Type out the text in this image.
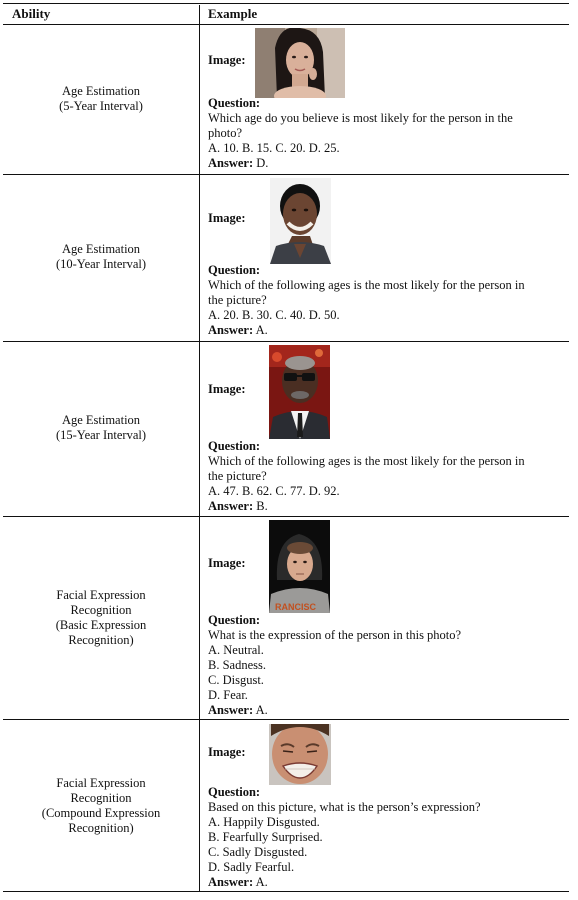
Ability	Example
Age Estimation
(5-Year Interval)
Image:
Question:
Which age do you believe is most likely for the person in the
photo?
A. 10. B. 15. C. 20. D. 25.
Answer: D.
Age Estimation
(10-Year Interval)
Image:
Question:
Which of the following ages is the most likely for the person in
the picture?
A. 20. B. 30. C. 40. D. 50.
Answer: A.
Age Estimation
(15-Year Interval)
Image:
Question:
Which of the following ages is the most likely for the person in
the picture?
A. 47. B. 62. C. 77. D. 92.
Answer: B.
Facial Expression
Recognition
(Basic Expression
Recognition)
Image:
RANCISC
Question:
What is the expression of the person in this photo?
A. Neutral.
B. Sadness.
C. Disgust.
D. Fear.
Answer: A.
Facial Expression
Recognition
(Compound Expression
Recognition)
Image:
Question:
Based on this picture, what is the person’s expression?
A. Happily Disgusted.
B. Fearfully Surprised.
C. Sadly Disgusted.
D. Sadly Fearful.
Answer: A.
